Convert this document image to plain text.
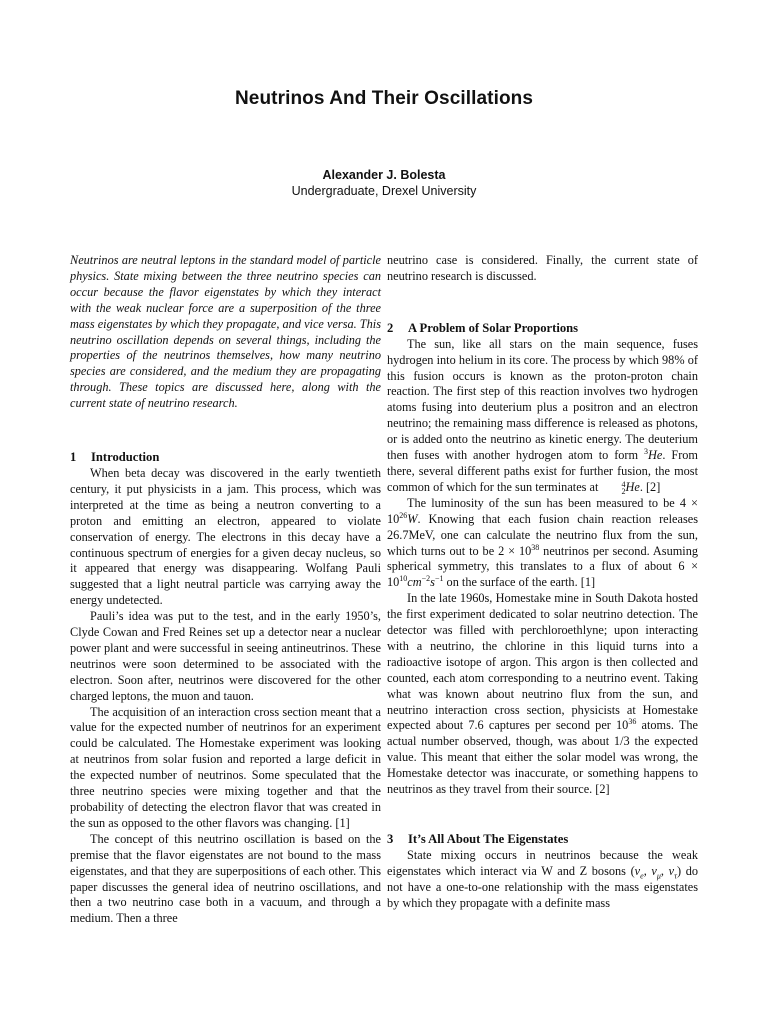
Neutrinos And Their Oscillations
Alexander J. Bolesta
Undergraduate, Drexel University

Neutrinos are neutral leptons in the standard model of particle physics. State mixing between the three neutrino species can occur because the flavor eigenstates by which they interact with the weak nuclear force are a superposition of the three mass eigenstates by which they propagate, and vice versa. This neutrino oscillation depends on several things, including the properties of the neutrinos themselves, how many neutrino species are considered, and the medium they are propagating through. These topics are discussed here, along with the current state of neutrino research.

1 Introduction

When beta decay was discovered in the early twentieth century, it put physicists in a jam. This process, which was interpreted at the time as being a neutron converting to a proton and emitting an electron, appeared to violate conservation of energy. The electrons in this decay have a continuous spectrum of energies for a given decay nucleus, so it appeared that energy was disappearing. Wolfang Pauli suggested that a light neutral particle was carrying away the energy undetected.

Pauli’s idea was put to the test, and in the early 1950’s, Clyde Cowan and Fred Reines set up a detector near a nuclear power plant and were successful in seeing antineutrinos. These neutrinos were soon determined to be associated with the electron. Soon after, neutrinos were discovered for the other charged leptons, the muon and tauon.

The acquisition of an interaction cross section meant that a value for the expected number of neutrinos for an experiment could be calculated. The Homestake experiment was looking at neutrinos from solar fusion and reported a large deficit in the expected number of neutrinos. Some speculated that the three neutrino species were mixing together and that the probability of detecting the electron flavor that was created in the sun as opposed to the other flavors was changing. [1]

The concept of this neutrino oscillation is based on the premise that the flavor eigenstates are not bound to the mass eigenstates, and that they are superpositions of each other. This paper discusses the general idea of neutrino oscillations, and then a two neutrino case both in a vacuum, and through a medium. Then a three

neutrino case is considered. Finally, the current state of neutrino research is discussed.

2 A Problem of Solar Proportions

The sun, like all stars on the main sequence, fuses hydrogen into helium in its core. The process by which 98% of this fusion occurs is known as the proton-proton chain reaction. The first step of this reaction involves two hydrogen atoms fusing into deuterium plus a positron and an electron neutrino; the remaining mass difference is released as photons, or is added onto the neutrino as kinetic energy. The deuterium then fuses with another hydrogen atom to form $^3$He. From there, several different paths exist for further fusion, the most common of which for the sun terminates at	4
2 He. [2]

The luminosity of the sun has been measured to be $4 \times 10^{26}W$. Knowing that each fusion chain reaction releases 26.7MeV, one can calculate the neutrino flux from the sun, which turns out to be $2 \times 10^{38}$ neutrinos per second. Asuming spherical symmetry, this translates to a flux of about $6 \times 10^{10}cm^{-2}s^{-1}$ on the surface of the earth. [1]

In the late 1960s, Homestake mine in South Dakota hosted the first experiment dedicated to solar neutrino detection. The detector was filled with perchloroethlyne; upon interacting with a neutrino, the chlorine in this liquid turns into a radioactive isotope of argon. This argon is then collected and counted, each atom corresponding to a neutrino event. Taking what was known about neutrino flux from the sun, and neutrino interaction cross section, physicists at Homestake expected about 7.6 captures per second per $10^{36}$ atoms. The actual number observed, though, was about 1/3 the expected value. This meant that either the solar model was wrong, the Homestake detector was inaccurate, or something happens to neutrinos as they travel from their source. [2]

3 It’s All About The Eigenstates

State mixing occurs in neutrinos because the weak eigenstates which interact via W and Z bosons ($\nu_e$, $\nu_\mu$, $\nu_\tau$) do not have a one-to-one relationship with the mass eigenstates by which they propagate with a definite mass
